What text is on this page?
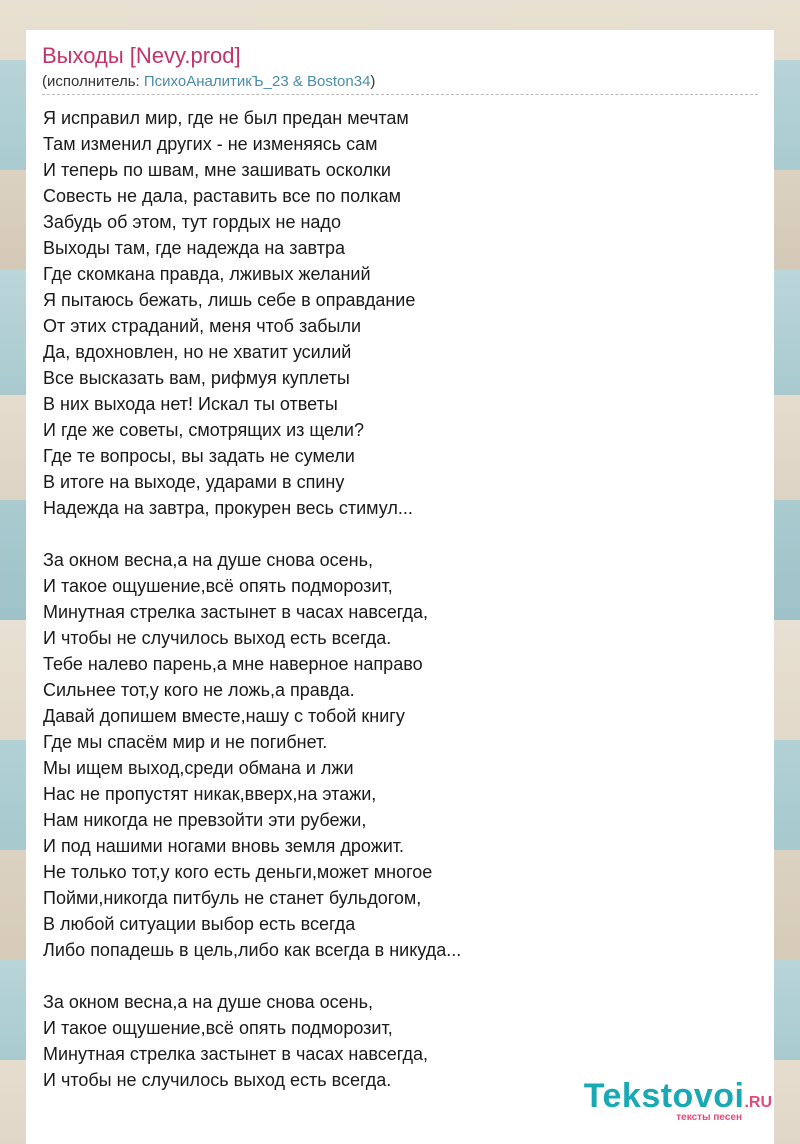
Выходы [Nevy.prod]
(исполнитель: ПсихоАналитикЪ_23 & Boston34)
Я исправил мир, где не был предан мечтам
Там изменил других - не изменяясь сам
И теперь по швам, мне зашивать осколки
Совесть не дала, раставить все по полкам
Забудь об этом, тут гордых не надо
Выходы там, где надежда на завтра
Где скомкана правда, лживых желаний
Я пытаюсь бежать, лишь себе в оправдание
От этих страданий, меня чтоб забыли
Да, вдохновлен, но не хватит усилий
Все высказать вам, рифмуя куплеты
В них выхода нет! Искал ты ответы
И где же советы, смотрящих из щели?
Где те вопросы, вы задать не сумели
В итоге на выходе, ударами в спину
Надежда на завтра, прокурен весь стимул...
За окном весна,а на душе снова осень,
И такое ощушение,всё опять подморозит,
Минутная стрелка застынет в часах навсегда,
И чтобы не случилось выход есть всегда.
Тебе налево парень,а мне наверное направо
Сильнее тот,у кого не ложь,а правда.
Давай допишем вместе,нашу с тобой книгу
Где мы спасём мир и не погибнет.
Мы ищем выход,среди обмана и лжи
Нас не пропустят никак,вверх,на этажи,
Нам никогда не превзойти эти рубежи,
И под нашими ногами вновь земля дрожит.
Не только тот,у кого есть деньги,может многое
Пойми,никогда питбуль не станет бульдогом,
В любой ситуации выбор есть всегда
Либо попадешь в цель,либо как всегда в никуда...
За окном весна,а на душе снова осень,
И такое ощушение,всё опять подморозит,
Минутная стрелка застынет в часах навсегда,
И чтобы не случилось выход есть всегда.	Tekstovoi.RU
тексты песен
